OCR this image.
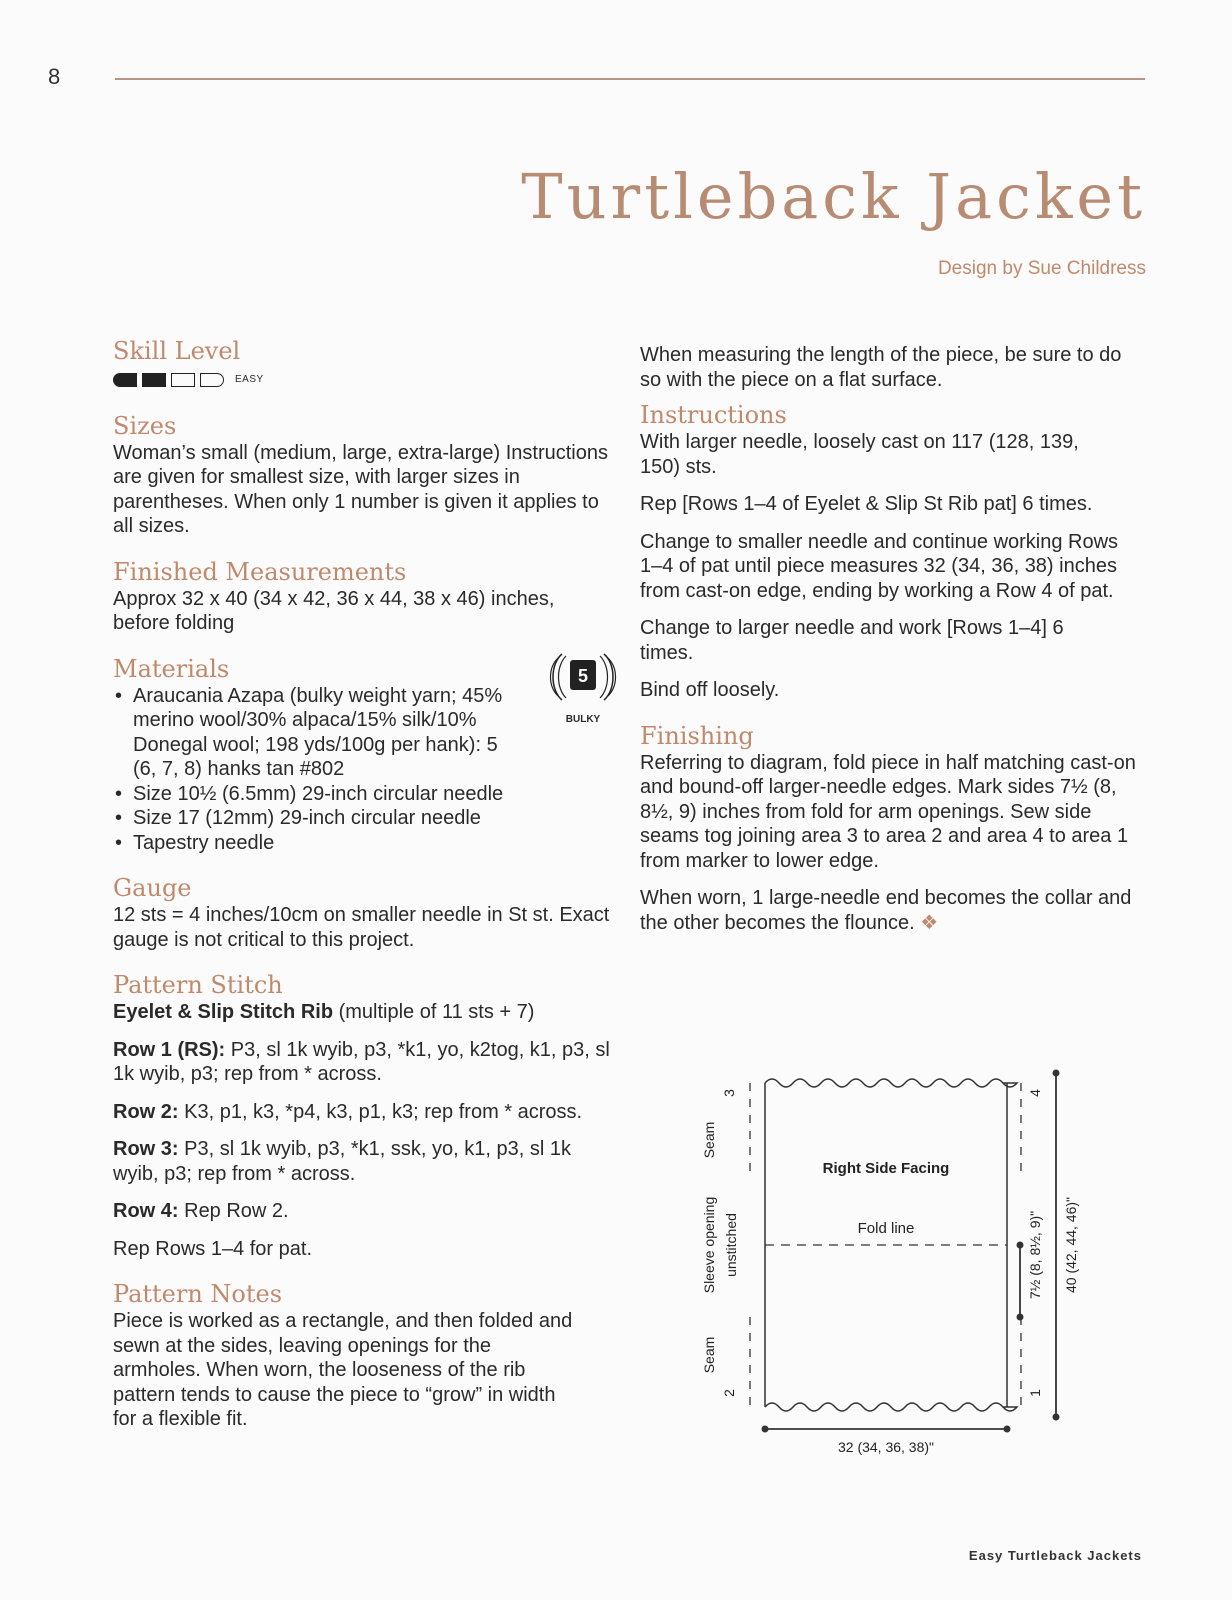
8
Turtleback Jacket
Design by Sue Childress
Skill Level
EASY
Sizes

Woman’s small (medium, large, extra-large) Instructions are given for smallest size, with larger sizes in parentheses. When only 1 number is given it applies to all sizes.

Finished Measurements

Approx 32 x 40 (34 x 42, 36 x 44, 38 x 46) inches, before folding

Materials	5
BULKY
• Araucania Azapa (bulky weight yarn; 45% merino wool/30% alpaca/15% silk/10% Donegal wool; 198 yds/100g per hank): 5 (6, 7, 8) hanks tan #802
• Size 10½ (6.5mm) 29-inch circular needle
• Size 17 (12mm) 29-inch circular needle
• Tapestry needle
Gauge

12 sts = 4 inches/10cm on smaller needle in St st. Exact gauge is not critical to this project.

Pattern Stitch

Eyelet & Slip Stitch Rib (multiple of 11 sts + 7)

Row 1 (RS): P3, sl 1k wyib, p3, *k1, yo, k2tog, k1, p3, sl 1k wyib, p3; rep from * across.

Row 2: K3, p1, k3, *p4, k3, p1, k3; rep from * across.

Row 3: P3, sl 1k wyib, p3, *k1, ssk, yo, k1, p3, sl 1k wyib, p3; rep from * across.

Row 4: Rep Row 2.

Rep Rows 1–4 for pat.

Pattern Notes

Piece is worked as a rectangle, and then folded and sewn at the sides, leaving openings for the armholes. When worn, the looseness of the rib pattern tends to cause the piece to “grow” in width for a flexible fit.

When measuring the length of the piece, be sure to do so with the piece on a flat surface.

Instructions

With larger needle, loosely cast on 117 (128, 139, 150) sts.

Rep [Rows 1–4 of Eyelet & Slip St Rib pat] 6 times.

Change to smaller needle and continue working Rows 1–4 of pat until piece measures 32 (34, 36, 38) inches from cast-on edge, ending by working a Row 4 of pat.

Change to larger needle and work [Rows 1–4] 6 times.

Bind off loosely.

Finishing

Referring to diagram, fold piece in half matching cast-on and bound-off larger-needle edges. Mark sides 7½ (8, 8½, 9) inches from fold for arm openings. Sew side seams tog joining area 3 to area 2 and area 4 to area 1 from marker to lower edge.

When worn, 1 large-needle end becomes the collar and the other becomes the flounce. ❖

Right Side Facing
Fold line
32 (34, 36, 38)"
Seam
Seam
Sleeve opening unstitched
3
2
4
1
7½ (8, 8½, 9)" 40 (42, 44, 46)"
Easy Turtleback Jackets
